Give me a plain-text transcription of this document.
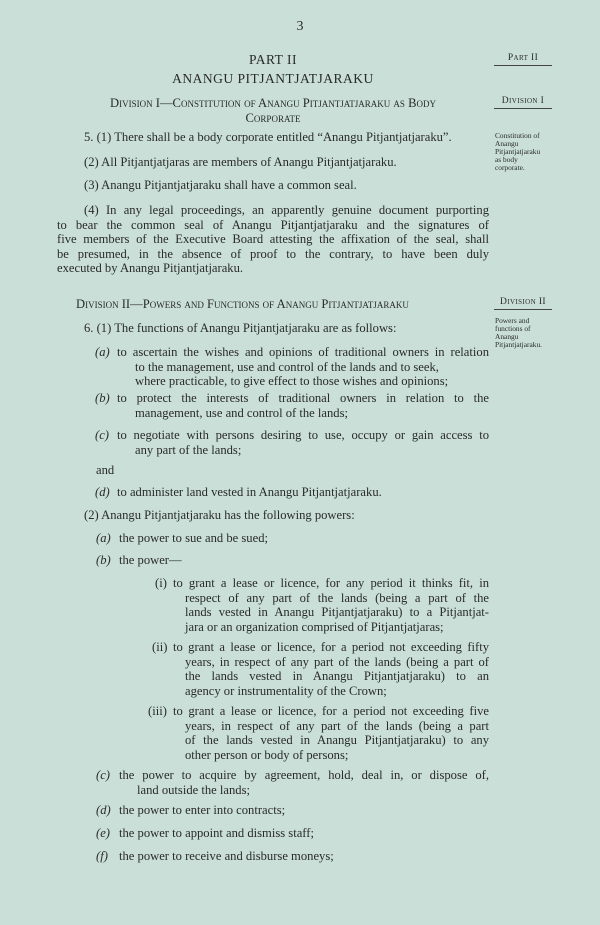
3
PART II
ANANGU PITJANTJATJARAKU
Part II
Division I—Constitution of Anangu Pitjantjatjaraku as Body
Corporate
Division I
Constitution of
Anangu
Pitjantjatjaraku
as body
corporate.
5. (1) There shall be a body corporate entitled “Anangu Pitjantjatjaraku”.
(2) All Pitjantjatjaras are members of Anangu Pitjantjatjaraku.
(3) Anangu Pitjantjatjaraku shall have a common seal.
(4) In any legal proceedings, an apparently genuine document purporting
to bear the common seal of Anangu Pitjantjatjaraku and the signatures of
five members of the Executive Board attesting the affixation of the seal, shall
be presumed, in the absence of proof to the contrary, to have been duly
executed by Anangu Pitjantjatjaraku.
Division II—Powers and Functions of Anangu Pitjantjatjaraku	Division II
Powers and
functions of
Anangu
Pitjantjatjaraku.
6. (1) The functions of Anangu Pitjantjatjaraku are as follows:
(a) to ascertain the wishes and opinions of traditional owners in relation
to the management, use and control of the lands and to seek,
where practicable, to give effect to those wishes and opinions;
(b) to protect the interests of traditional owners in relation to the
management, use and control of the lands;
(c) to negotiate with persons desiring to use, occupy or gain access to
any part of the lands;
and
(d) to administer land vested in Anangu Pitjantjatjaraku.
(2) Anangu Pitjantjatjaraku has the following powers:
(a) the power to sue and be sued;
(b) the power—
(i) to grant a lease or licence, for any period it thinks fit, in
respect of any part of the lands (being a part of the
lands vested in Anangu Pitjantjatjaraku) to a Pitjantjat-
jara or an organization comprised of Pitjantjatjaras;
(ii) to grant a lease or licence, for a period not exceeding fifty
years, in respect of any part of the lands (being a part of
the lands vested in Anangu Pitjantjatjaraku) to an
agency or instrumentality of the Crown;
(iii) to grant a lease or licence, for a period not exceeding five
years, in respect of any part of the lands (being a part
of the lands vested in Anangu Pitjantjatjaraku) to any
other person or body of persons;
(c) the power to acquire by agreement, hold, deal in, or dispose of,
land outside the lands;
(d) the power to enter into contracts;
(e) the power to appoint and dismiss staff;
(f) the power to receive and disburse moneys;
